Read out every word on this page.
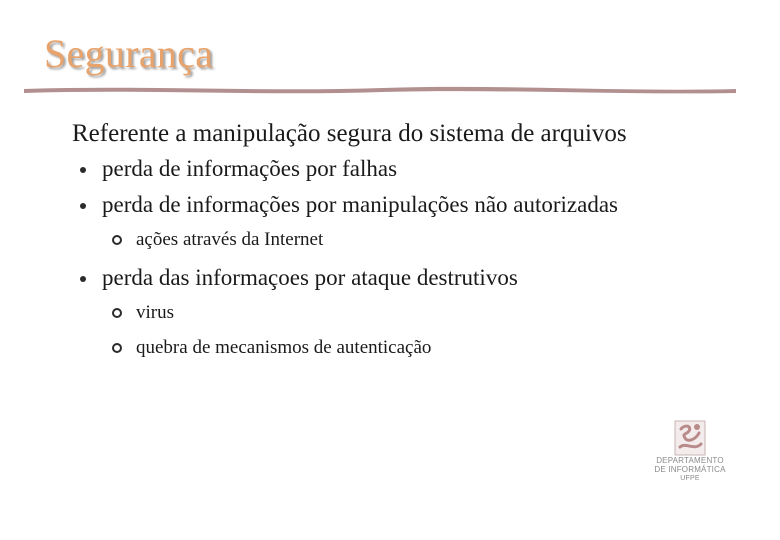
Segurança

Referente a manipulação segura do sistema de arquivos

perda de informações por falhas
perda de informações por manipulações não autorizadas
ações através da Internet
perda das informaçoes por ataque destrutivos
virus
quebra de mecanismos de autenticação
DEPARTAMENTO
DE INFORMÁTICA
UFPE
